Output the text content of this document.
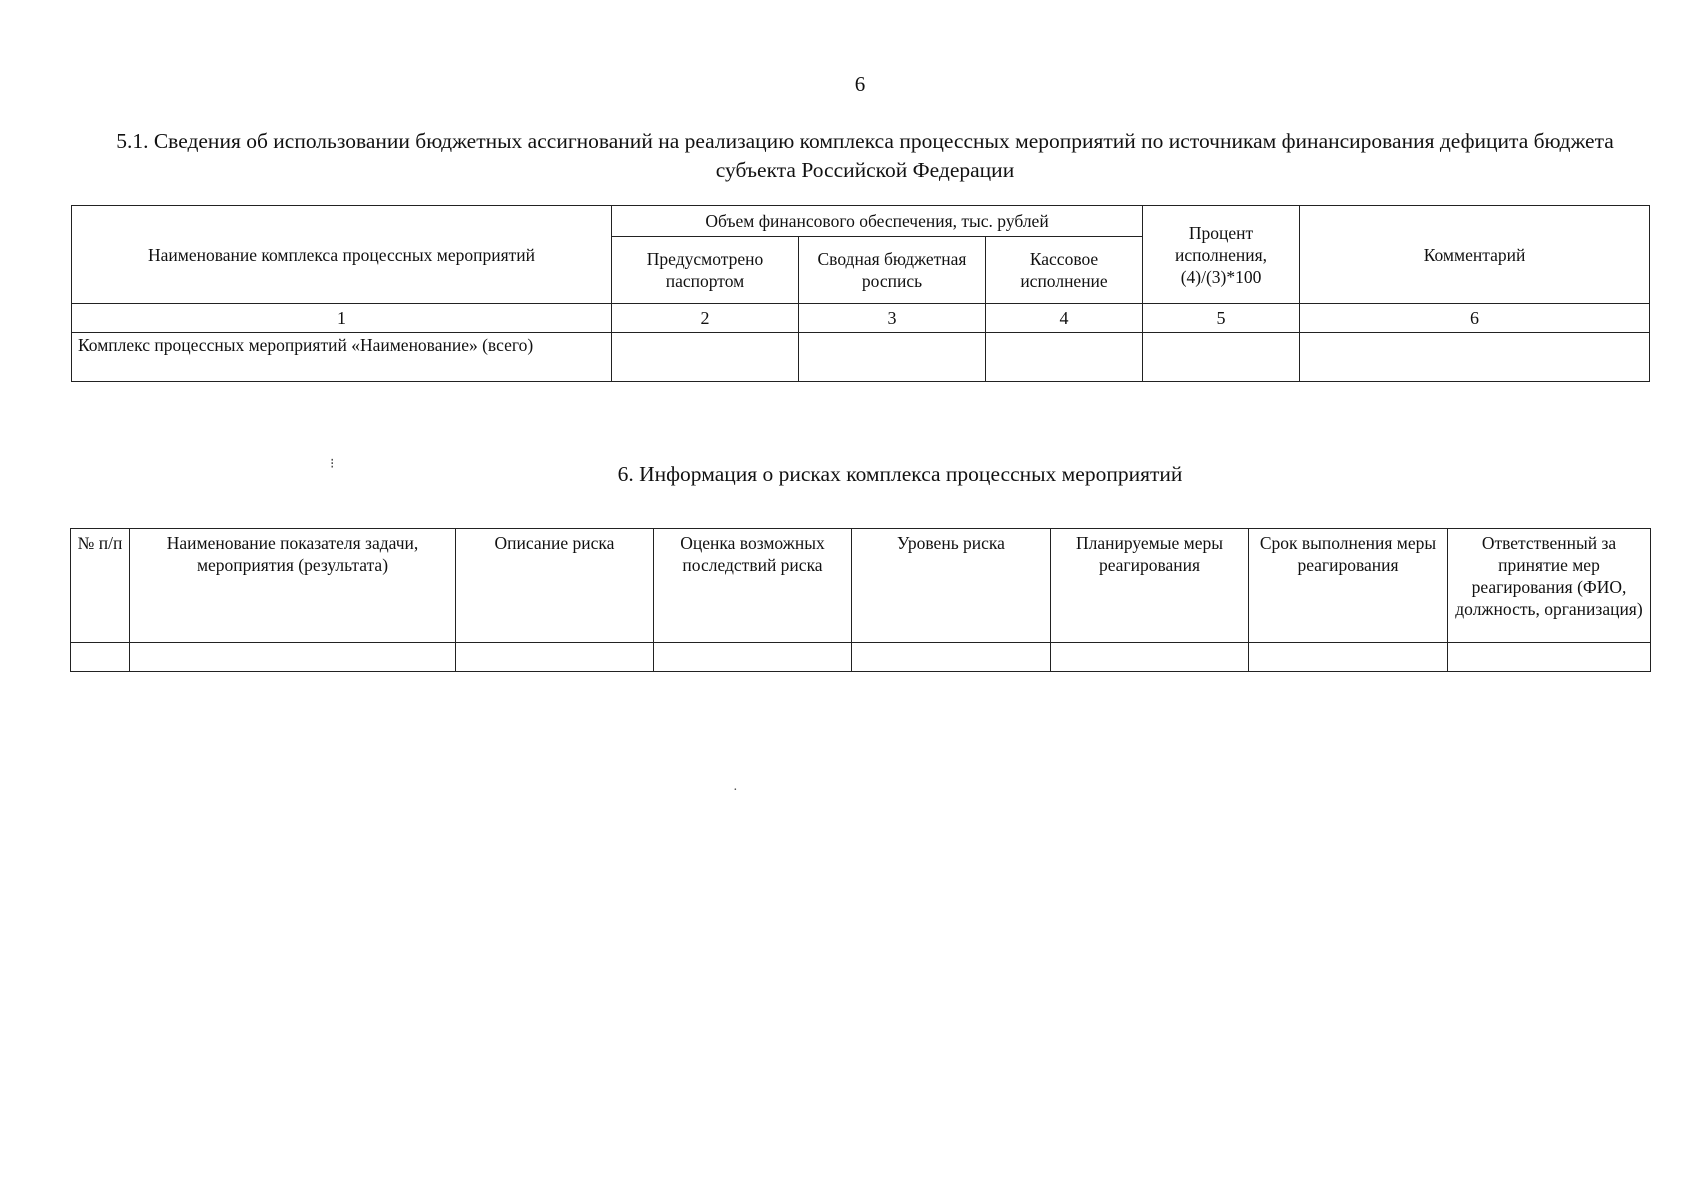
6
5.1. Сведения об использовании бюджетных ассигнований на реализацию комплекса процессных мероприятий по источникам финансирования дефицита бюджета субъекта Российской Федерации
Наименование комплекса процессных мероприятий	Объем финансового обеспечения, тыс. рублей			Процент исполнения, (4)/(3)*100	Комментарий
	Предусмотрено паспортом	Сводная бюджетная роспись	Кассовое исполнение		
1	2	3	4	5	6
Комплекс процессных мероприятий «Наименование» (всего)					
6. Информация о рисках комплекса процессных мероприятий
№ п/п	Наименование показателя задачи, мероприятия (результата)	Описание риска	Оценка возможных последствий риска	Уровень риска	Планируемые меры реагирования	Срок выполнения меры реагирования	Ответственный за принятие мер реагирования (ФИО, должность, организация)

⁝
·
